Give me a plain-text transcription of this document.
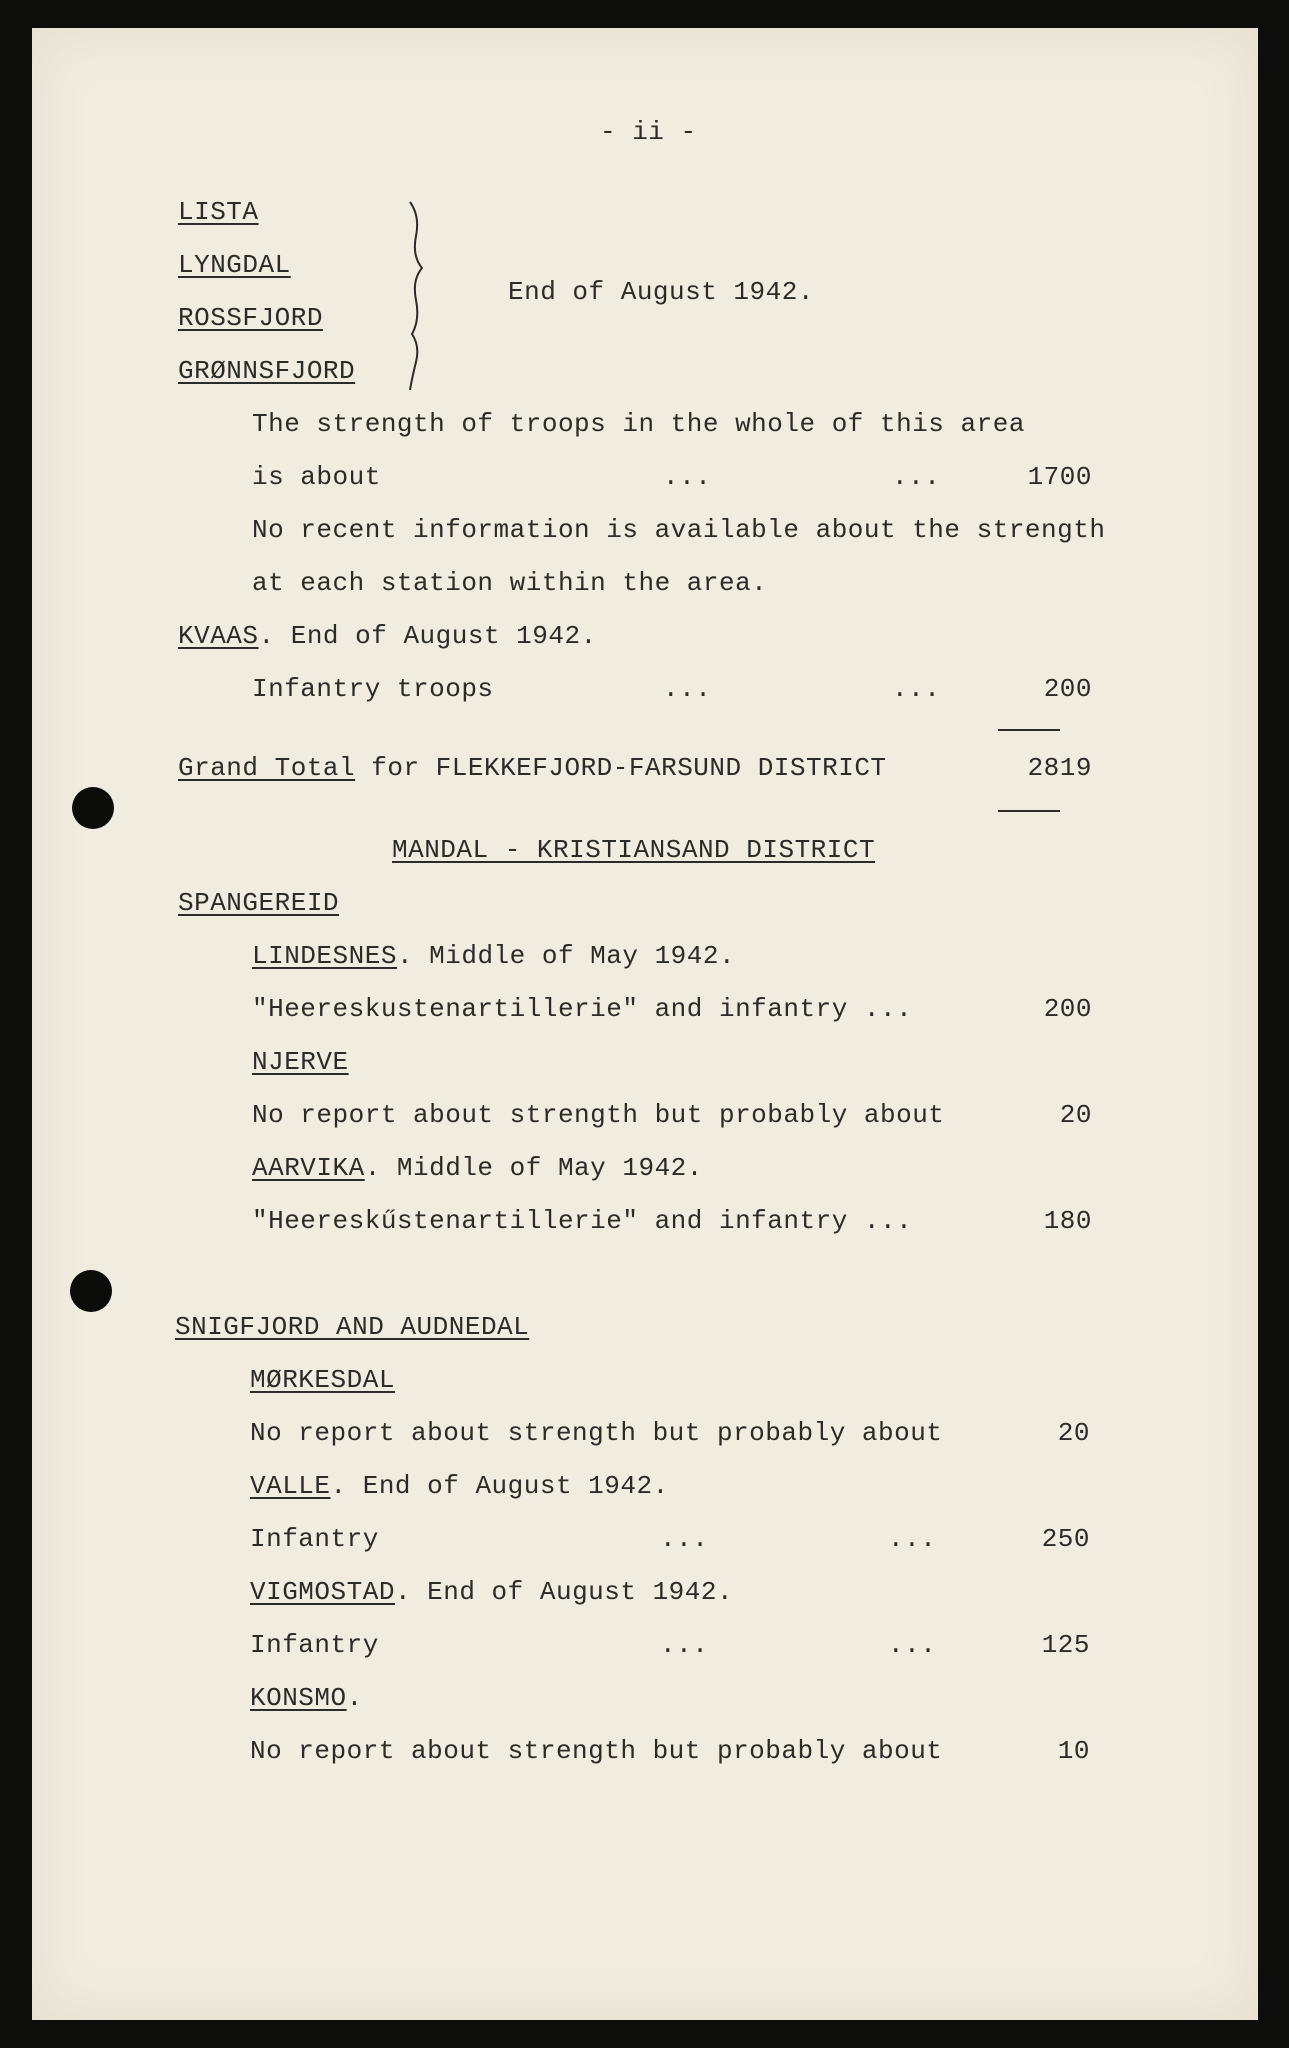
- ii -
LISTA
LYNGDAL
ROSSFJORD
GRØNNSFJORD
End of August 1942.
The strength of troops in the whole of this area
is about	...	...	1700
No recent information is available about the strength
at each station within the area.
KVAAS. End of August 1942.
Infantry troops	...	...	200
Grand Total for FLEKKEFJORD-FARSUND DISTRICT	2819
MANDAL - KRISTIANSAND DISTRICT
SPANGEREID
LINDESNES. Middle of May 1942.
"Heereskustenartillerie" and infantry ...	200
NJERVE
No report about strength but probably about	20
AARVIKA. Middle of May 1942.
"Heereskűstenartillerie" and infantry ...	180
SNIGFJORD AND AUDNEDAL
MØRKESDAL
No report about strength but probably about	20
VALLE. End of August 1942.
Infantry	...	...	250
VIGMOSTAD. End of August 1942.
Infantry	...	...	125
KONSMO.
No report about strength but probably about	10
